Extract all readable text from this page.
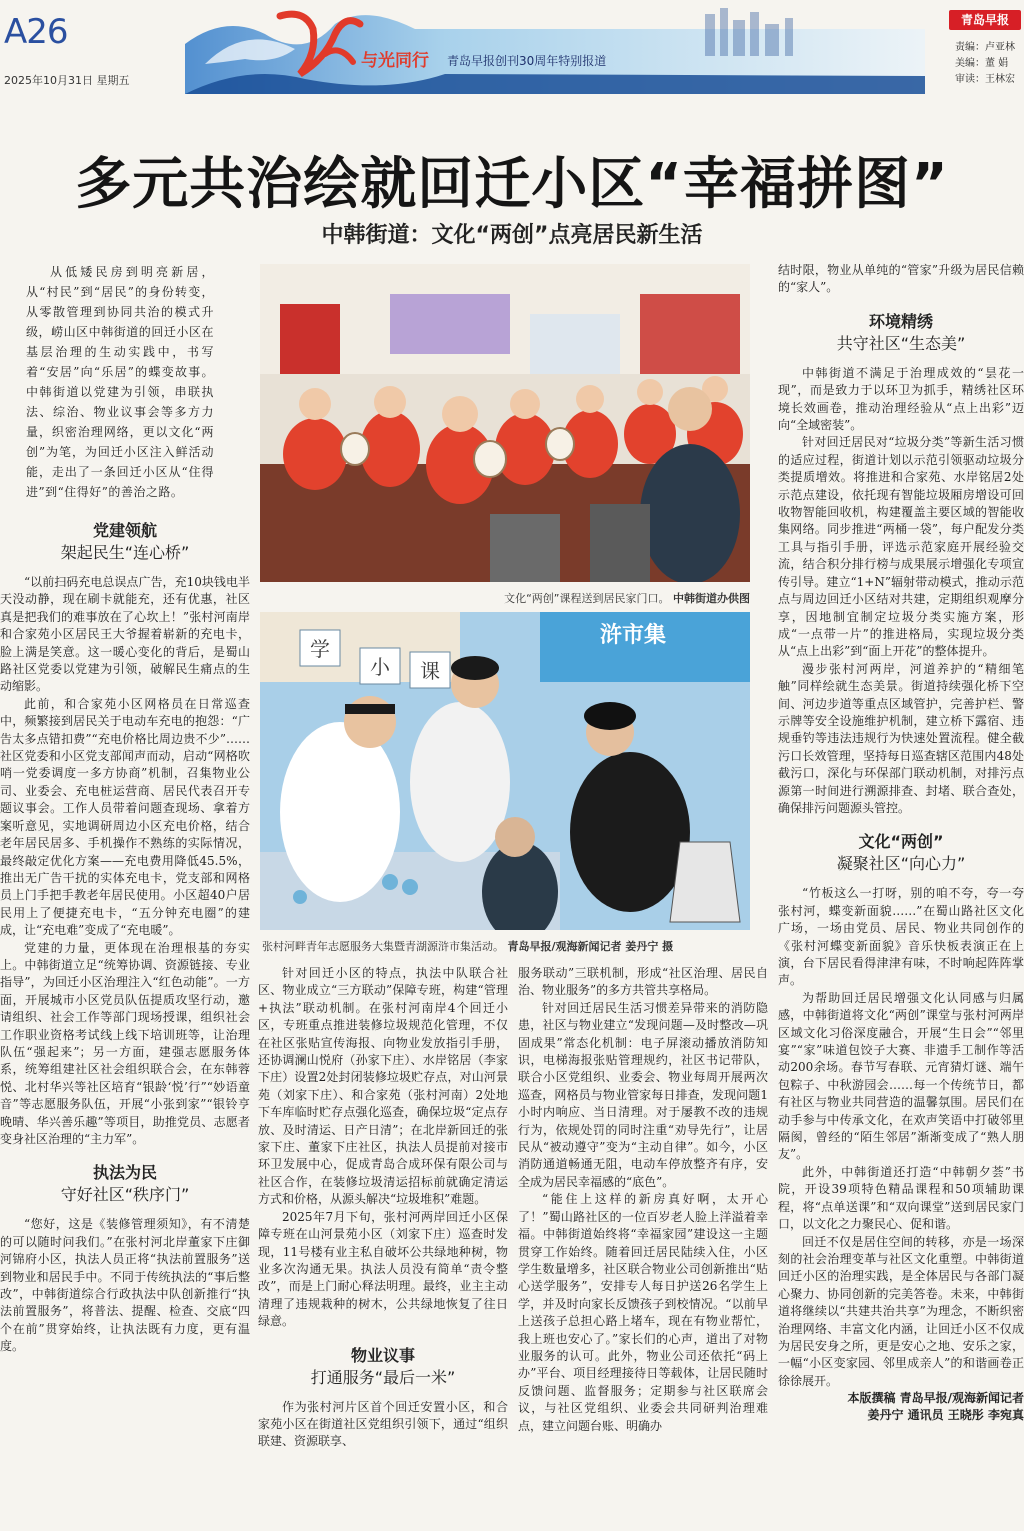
A26
2025年10月31日 星期五
与光同行 青岛早报创刊30周年特别报道
青岛早报
责编：卢亚林
美编：董 娟
审读：王林宏
多元共治绘就回迁小区“幸福拼图”
中韩街道：文化“两创”点亮居民新生活

从低矮民房到明亮新居，从“村民”到“居民”的身份转变，从零散管理到协同共治的模式升级，崂山区中韩街道的回迁小区在基层治理的生动实践中，书写着“安居”向“乐居”的蝶变故事。中韩街道以党建为引领，串联执法、综治、物业议事会等多方力量，织密治理网络，更以文化“两创”为笔，为回迁小区注入鲜活动能，走出了一条回迁小区从“住得进”到“住得好”的善治之路。

党建领航
架起民生“连心桥”

“以前扫码充电总误点广告，充10块钱电半天没动静，现在刷卡就能充，还有优惠，社区真是把我们的难事放在了心坎上！”张村河南岸和合家苑小区居民王大爷握着崭新的充电卡，脸上满是笑意。这一暖心变化的背后，是蜀山路社区党委以党建为引领，破解民生痛点的生动缩影。

此前，和合家苑小区网格员在日常巡查中，频繁接到居民关于电动车充电的抱怨：“广告太多点错扣费”“充电价格比周边贵不少”……社区党委和小区党支部闻声而动，启动“网格吹哨一党委调度一多方协商”机制，召集物业公司、业委会、充电桩运营商、居民代表召开专题议事会。工作人员带着问题查现场、拿着方案听意见，实地调研周边小区充电价格，结合老年居民居多、手机操作不熟练的实际情况，最终敲定优化方案——充电费用降低45.5%，推出无广告干扰的实体充电卡，党支部和网格员上门手把手教老年居民使用。小区超40户居民用上了便捷充电卡，“五分钟充电圈”的建成，让“充电难”变成了“充电暖”。

党建的力量，更体现在治理根基的夯实上。中韩街道立足“统筹协调、资源链接、专业指导”，为回迁小区治理注入“红色动能”。一方面，开展城市小区党员队伍提质攻坚行动，邀请组织、社会工作等部门现场授课，组织社会工作职业资格考试线上线下培训班等，让治理队伍“强起来”；另一方面，建强志愿服务体系，统筹组建社区社会组织联合会，在东韩蓉悦、北村华兴等社区培育“银龄‘悦’行”“妙语童音”等志愿服务队伍，开展“小张到家”“银铃亨晚晴、华兴善乐趣”等项目，助推党员、志愿者变身社区治理的“主力军”。

执法为民
守好社区“秩序门”

“您好，这是《装修管理须知》，有不清楚的可以随时问我们。”在张村河北岸董家下庄御河锦府小区，执法人员正将“执法前置服务”送到物业和居民手中。不同于传统执法的“事后整改”，中韩街道综合行政执法中队创新推行“执法前置服务”，将普法、提醒、检查、交底“四个在前”贯穿始终，让执法既有力度，更有温度。

文化“两创”课程送到居民家门口。 中韩街道办供图
浒市集
学
小 课
张村河畔青年志愿服务大集暨青湖源浒市集活动。 青岛早报/观海新闻记者 姜丹宁 摄

针对回迁小区的特点，执法中队联合社区、物业成立“三方联动”保障专班，构建“管理+执法”联动机制。在张村河南岸4个回迁小区，专班重点推进装修垃圾规范化管理，不仅在社区张贴宣传海报、向物业发放指引手册，还协调澜山悦府（孙家下庄）、水岸铭居（李家下庄）设置2处封闭装修垃圾贮存点，对山河景苑（刘家下庄）、和合家苑（张村河南）2处地下车库临时贮存点强化巡查，确保垃圾“定点存放、及时清运、日产日清”；在北岸新回迁的张家下庄、董家下庄社区，执法人员提前对接市环卫发展中心，促成青岛合成环保有限公司与社区合作，在装修垃圾清运招标前就确定清运方式和价格，从源头解决“垃圾堆积”难题。

2025年7月下旬，张村河两岸回迁小区保障专班在山河景苑小区（刘家下庄）巡查时发现，11号楼有业主私自破坏公共绿地种树，物业多次沟通无果。执法人员没有简单“责令整改”，而是上门耐心释法明理。最终，业主主动清理了违规栽种的树木，公共绿地恢复了往日绿意。

物业议事
打通服务“最后一米”

作为张村河片区首个回迁安置小区，和合家苑小区在街道社区党组织引领下，通过“组织联建、资源联享、

服务联动”三联机制，形成“社区治理、居民自治、物业服务”的多方共管共享格局。

针对回迁居民生活习惯差异带来的消防隐患，社区与物业建立“发现问题—及时整改—巩固成果”常态化机制：电子屏滚动播放消防知识，电梯海报张贴管理规约，社区书记带队，联合小区党组织、业委会、物业每周开展两次巡查，网格员与物业管家每日排查，发现问题1小时内响应、当日清理。对于屡教不改的违规行为，依规处罚的同时注重“劝导先行”，让居民从“被动遵守”变为“主动自律”。如今，小区消防通道畅通无阻，电动车停放整齐有序，安全成为居民幸福感的“底色”。

“能住上这样的新房真好啊，太开心了！”蜀山路社区的一位百岁老人脸上洋溢着幸福。中韩街道始终将“幸福家园”建设这一主题贯穿工作始终。随着回迁居民陆续入住，小区学生数量增多，社区联合物业公司创新推出“贴心送学服务”，安排专人每日护送26名学生上学，并及时向家长反馈孩子到校情况。“以前早上送孩子总担心路上堵车，现在有物业帮忙，我上班也安心了。”家长们的心声，道出了对物业服务的认可。此外，物业公司还依托“码上办”平台、项目经理接待日等载体，让居民随时反馈问题、监督服务；定期参与社区联席会议，与社区党组织、业委会共同研判治理难点，建立问题台账、明确办

结时限，物业从单纯的“管家”升级为居民信赖的“家人”。

环境精绣
共守社区“生态美”

中韩街道不满足于治理成效的“昙花一现”，而是致力于以环卫为抓手，精绣社区环境长效画卷，推动治理经验从“点上出彩”迈向“全域密装”。

针对回迁居民对“垃圾分类”等新生活习惯的适应过程，街道计划以示范引领驱动垃圾分类提质增效。将推进和合家苑、水岸铭居2处示范点建设，依托现有智能垃圾厢房增设可回收物智能回收机，构建覆盖主要区域的智能收集网络。同步推进“两桶一袋”，每户配发分类工具与指引手册，评选示范家庭开展经验交流，结合积分排行榜与成果展示增强化专项宣传引导。建立“1+N”辐射带动模式，推动示范点与周边回迁小区结对共建，定期组织观摩分享，因地制宜制定垃圾分类实施方案，形成“一点带一片”的推进格局，实现垃圾分类从“点上出彩”到“面上开花”的整体提升。

漫步张村河两岸，河道养护的“精细笔触”同样绘就生态美景。街道持续强化桥下空间、河边步道等重点区域管护，完善护栏、警示牌等安全设施维护机制，建立桥下露宿、违规垂钓等违法违规行为快速处置流程。健全截污口长效管理，坚持每日巡查辖区范围内48处截污口，深化与环保部门联动机制，对排污点源第一时间进行溯源排查、封堵、联合查处，确保排污问题源头管控。

文化“两创”
凝聚社区“向心力”

“竹板这么一打呀，别的咱不夸，夸一夸张村河，蝶变新面貌……”在蜀山路社区文化广场，一场由党员、居民、物业共同创作的《张村河蝶变新面貌》音乐快板表演正在上演，台下居民看得津津有味，不时响起阵阵掌声。

为帮助回迁居民增强文化认同感与归属感，中韩街道将文化“两创”课堂与张村河两岸区域文化习俗深度融合，开展“生日会”“邻里宴”“家”味道包饺子大赛、非遗手工制作等活动200余场。春节写春联、元宵猜灯谜、端午包粽子、中秋游园会……每一个传统节日，都有社区与物业共同营造的温馨氛围。居民们在动手参与中传承文化，在欢声笑语中打破邻里隔阂，曾经的“陌生邻居”渐渐变成了“熟人朋友”。

此外，中韩街道还打造“中韩朝夕荟”书院，开设39项特色精品课程和50项辅助课程，将“点单送课”和“双向课堂”送到居民家门口，以文化之力聚民心、促和谐。

回迁不仅是居住空间的转移，亦是一场深刻的社会治理变革与社区文化重塑。中韩街道回迁小区的治理实践，是全体居民与各部门凝心聚力、协同创新的完美答卷。未来，中韩街道将继续以“共建共治共享”为理念，不断织密治理网络、丰富文化内涵，让回迁小区不仅成为居民安身之所，更是安心之地、安乐之家，一幅“小区变家园、邻里成亲人”的和谐画卷正徐徐展开。

本版撰稿 青岛早报/观海新闻记者
姜丹宁 通讯员 王晓彤 李宛真
